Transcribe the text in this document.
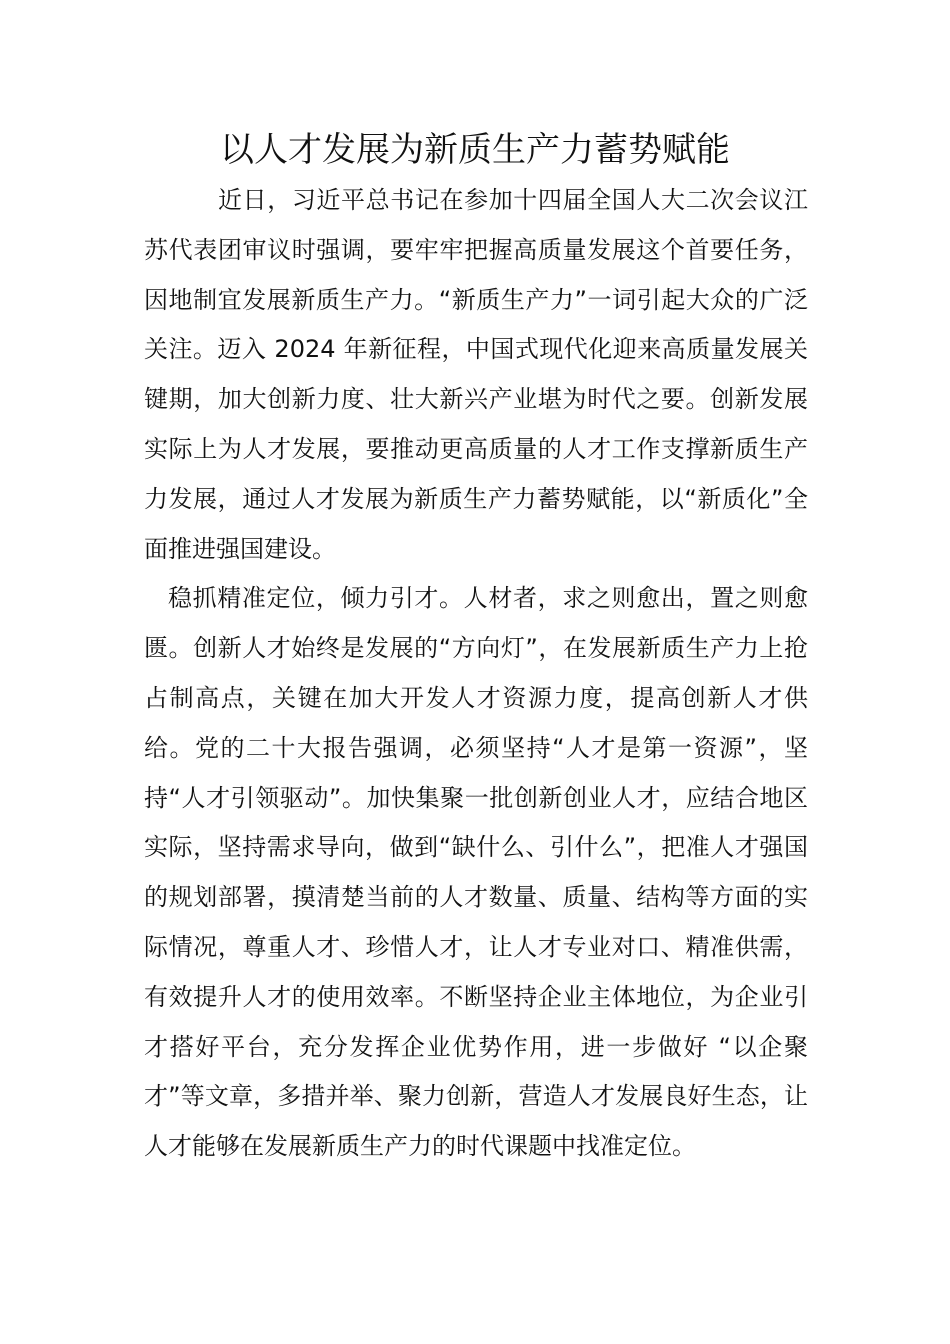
以人才发展为新质生产力蓄势赋能

近日，习近平总书记在参加十四届全国人大二次会议江苏代表团审议时强调，要牢牢把握高质量发展这个首要任务，因地制宜发展新质生产力。“新质生产力”一词引起大众的广泛关注。迈入 2024 年新征程，中国式现代化迎来高质量发展关键期，加大创新力度、壮大新兴产业堪为时代之要。创新发展实际上为人才发展，要推动更高质量的人才工作支撑新质生产力发展，通过人才发展为新质生产力蓄势赋能，以“新质化”全面推进强国建设。

稳抓精准定位，倾力引才。人材者，求之则愈出，置之则愈匮。创新人才始终是发展的“方向灯”，在发展新质生产力上抢占制高点，关键在加大开发人才资源力度，提高创新人才供给。党的二十大报告强调，必须坚持“人才是第一资源”，坚持“人才引领驱动”。加快集聚一批创新创业人才，应结合地区实际，坚持需求导向，做到“缺什么、引什么”，把准人才强国的规划部署，摸清楚当前的人才数量、质量、结构等方面的实际情况，尊重人才、珍惜人才，让人才专业对口、精准供需，有效提升人才的使用效率。不断坚持企业主体地位，为企业引才搭好平台，充分发挥企业优势作用，进一步做好 “以企聚才”等文章，多措并举、聚力创新，营造人才发展良好生态，让人才能够在发展新质生产力的时代课题中找准定位。
